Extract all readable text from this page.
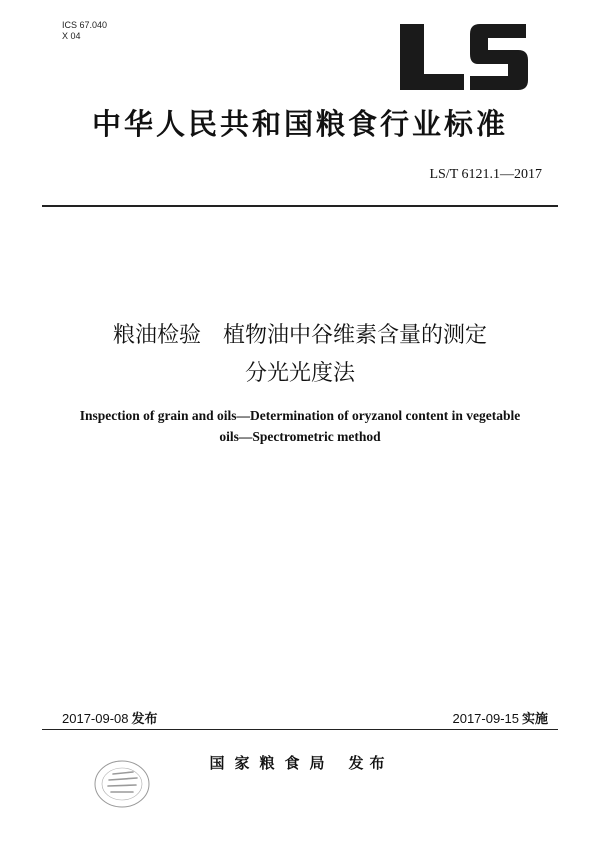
ICS 67.040
X 04
中华人民共和国粮食行业标准
LS/T 6121.1—2017
粮油检验　植物油中谷维素含量的测定
分光光度法
Inspection of grain and oils—Determination of oryzanol content in vegetable
oils—Spectrometric method
2017-09-08 发布	2017-09-15 实施
国家粮食局 发布
